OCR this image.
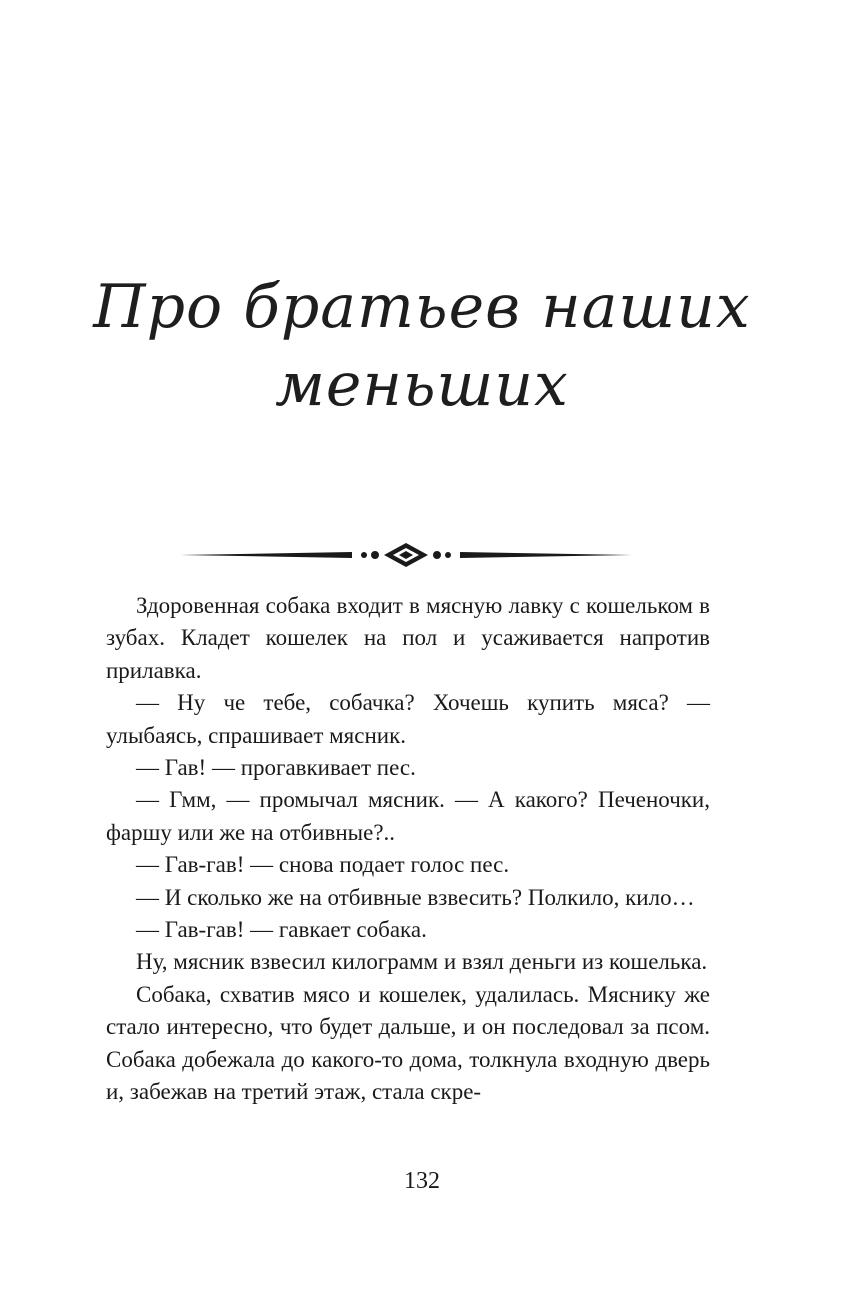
Про братьев наших
меньших

Здоровенная собака входит в мясную лавку с кошельком в зубах. Кладет кошелек на пол и усаживается напротив прилавка.

— Ну че тебе, собачка? Хочешь купить мяса? — улыбаясь, спрашивает мясник.

— Гав! — прогавкивает пес.

— Гмм, — промычал мясник. — А какого? Печеночки, фаршу или же на отбивные?..

— Гав-гав! — снова подает голос пес.

— И сколько же на отбивные взвесить? Полкило, кило…

— Гав-гав! — гавкает собака.

Ну, мясник взвесил килограмм и взял деньги из кошелька.

Собака, схватив мясо и кошелек, удалилась. Мяснику же стало интересно, что будет дальше, и он последовал за псом. Собака добежала до какого-то дома, толкнула входную дверь и, забежав на третий этаж, стала скре-

132
